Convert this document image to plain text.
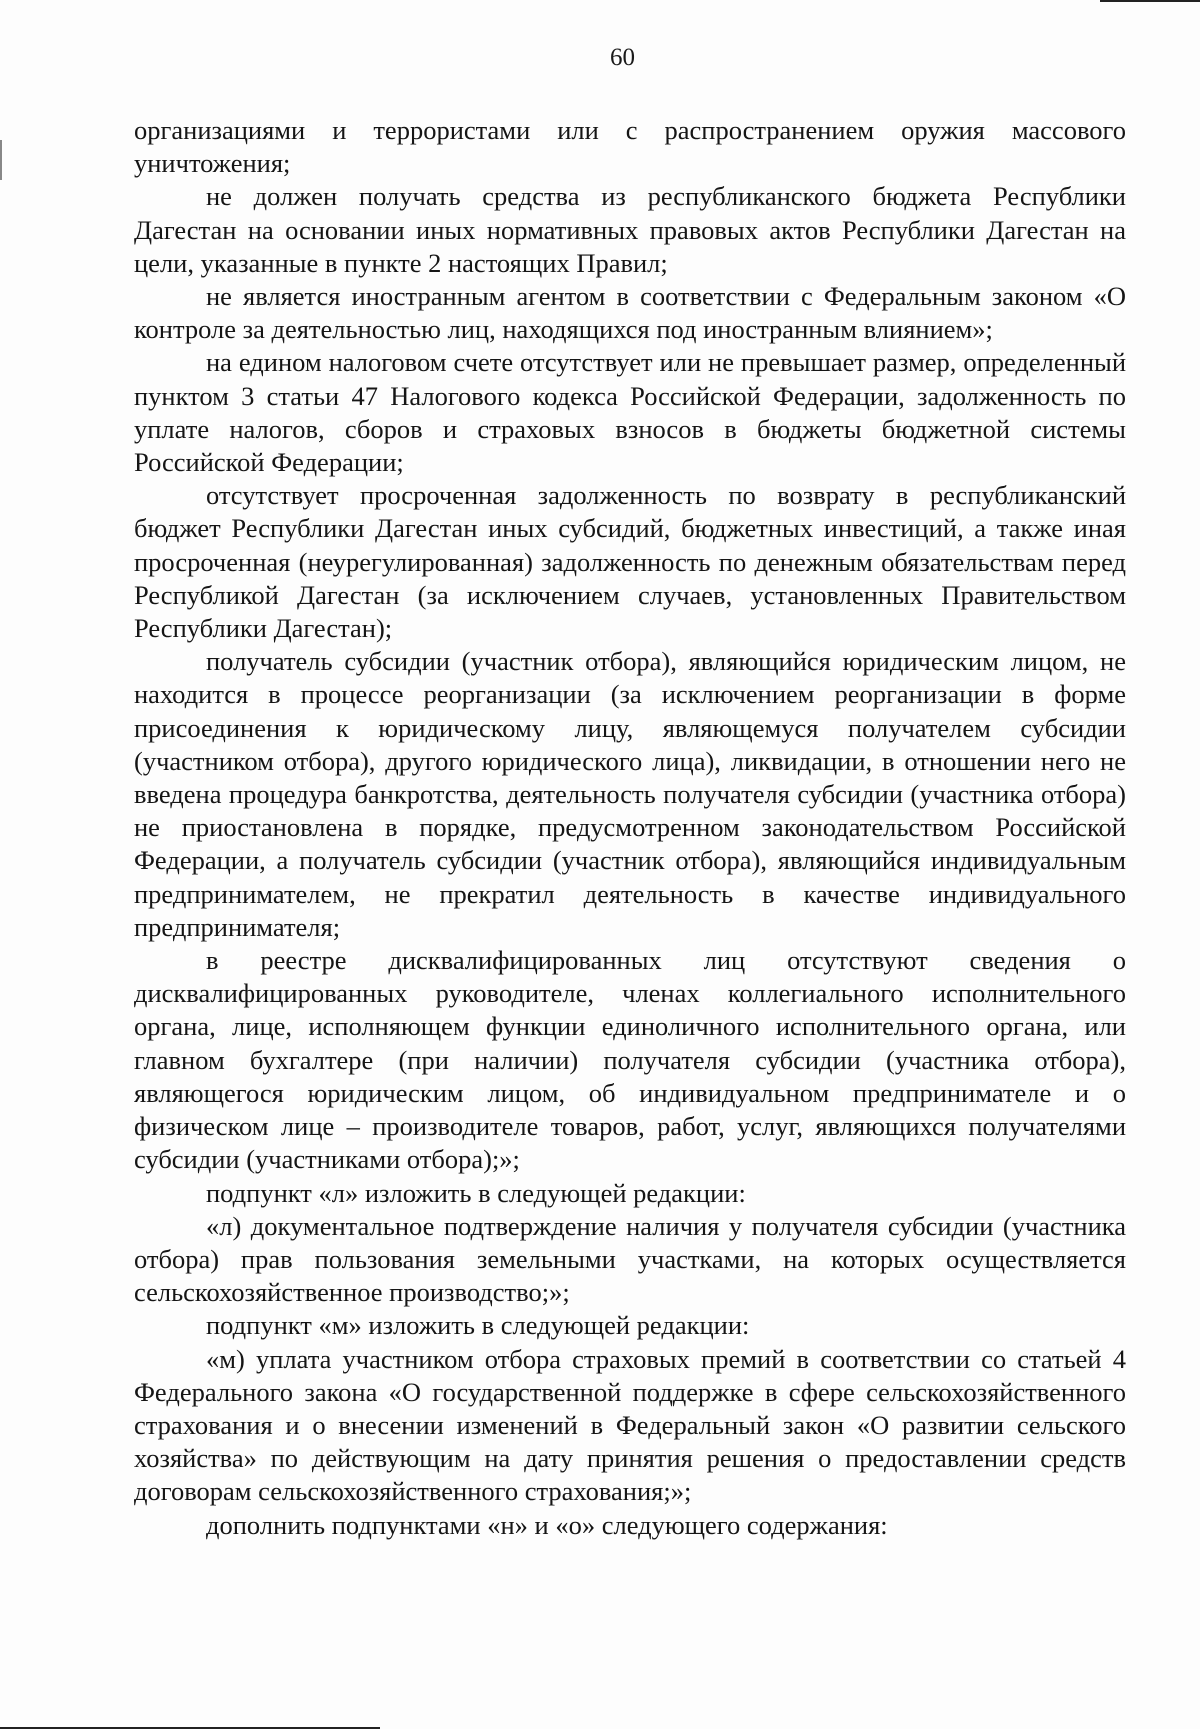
60

организациями и террористами или с распространением оружия массового уничтожения;

не должен получать средства из республиканского бюджета Республики Дагестан на основании иных нормативных правовых актов Республики Дагестан на цели, указанные в пункте 2 настоящих Правил;

не является иностранным агентом в соответствии с Федеральным законом «О контроле за деятельностью лиц, находящихся под иностранным влиянием»;

на едином налоговом счете отсутствует или не превышает размер, определенный пунктом 3 статьи 47 Налогового кодекса Российской Федерации, задолженность по уплате налогов, сборов и страховых взносов в бюджеты бюджетной системы Российской Федерации;

отсутствует просроченная задолженность по возврату в республиканский бюджет Республики Дагестан иных субсидий, бюджетных инвестиций, а также иная просроченная (неурегулированная) задолженность по денежным обязательствам перед Республикой Дагестан (за исключением случаев, установленных Правительством Республики Дагестан);

получатель субсидии (участник отбора), являющийся юридическим лицом, не находится в процессе реорганизации (за исключением реорганизации в форме присоединения к юридическому лицу, являющемуся получателем субсидии (участником отбора), другого юридического лица), ликвидации, в отношении него не введена процедура банкротства, деятельность получателя субсидии (участника отбора) не приостановлена в порядке, предусмотренном законодательством Российской Федерации, а получатель субсидии (участник отбора), являющийся индивидуальным предпринимателем, не прекратил деятельность в качестве индивидуального предпринимателя;

в реестре дисквалифицированных лиц отсутствуют сведения о дисквалифицированных руководителе, членах коллегиального исполнительного органа, лице, исполняющем функции единоличного исполнительного органа, или главном бухгалтере (при наличии) получателя субсидии (участника отбора), являющегося юридическим лицом, об индивидуальном предпринимателе и о физическом лице – производителе товаров, работ, услуг, являющихся получателями субсидии (участниками отбора);»;

подпункт «л» изложить в следующей редакции:

«л) документальное подтверждение наличия у получателя субсидии (участника отбора) прав пользования земельными участками, на которых осуществляется сельскохозяйственное производство;»;

подпункт «м» изложить в следующей редакции:

«м) уплата участником отбора страховых премий в соответствии со статьей 4 Федерального закона «О государственной поддержке в сфере сельскохозяйственного страхования и о внесении изменений в Федеральный закон «О развитии сельского хозяйства» по действующим на дату принятия решения о предоставлении средств договорам сельскохозяйственного страхования;»;

дополнить подпунктами «н» и «о» следующего содержания:
